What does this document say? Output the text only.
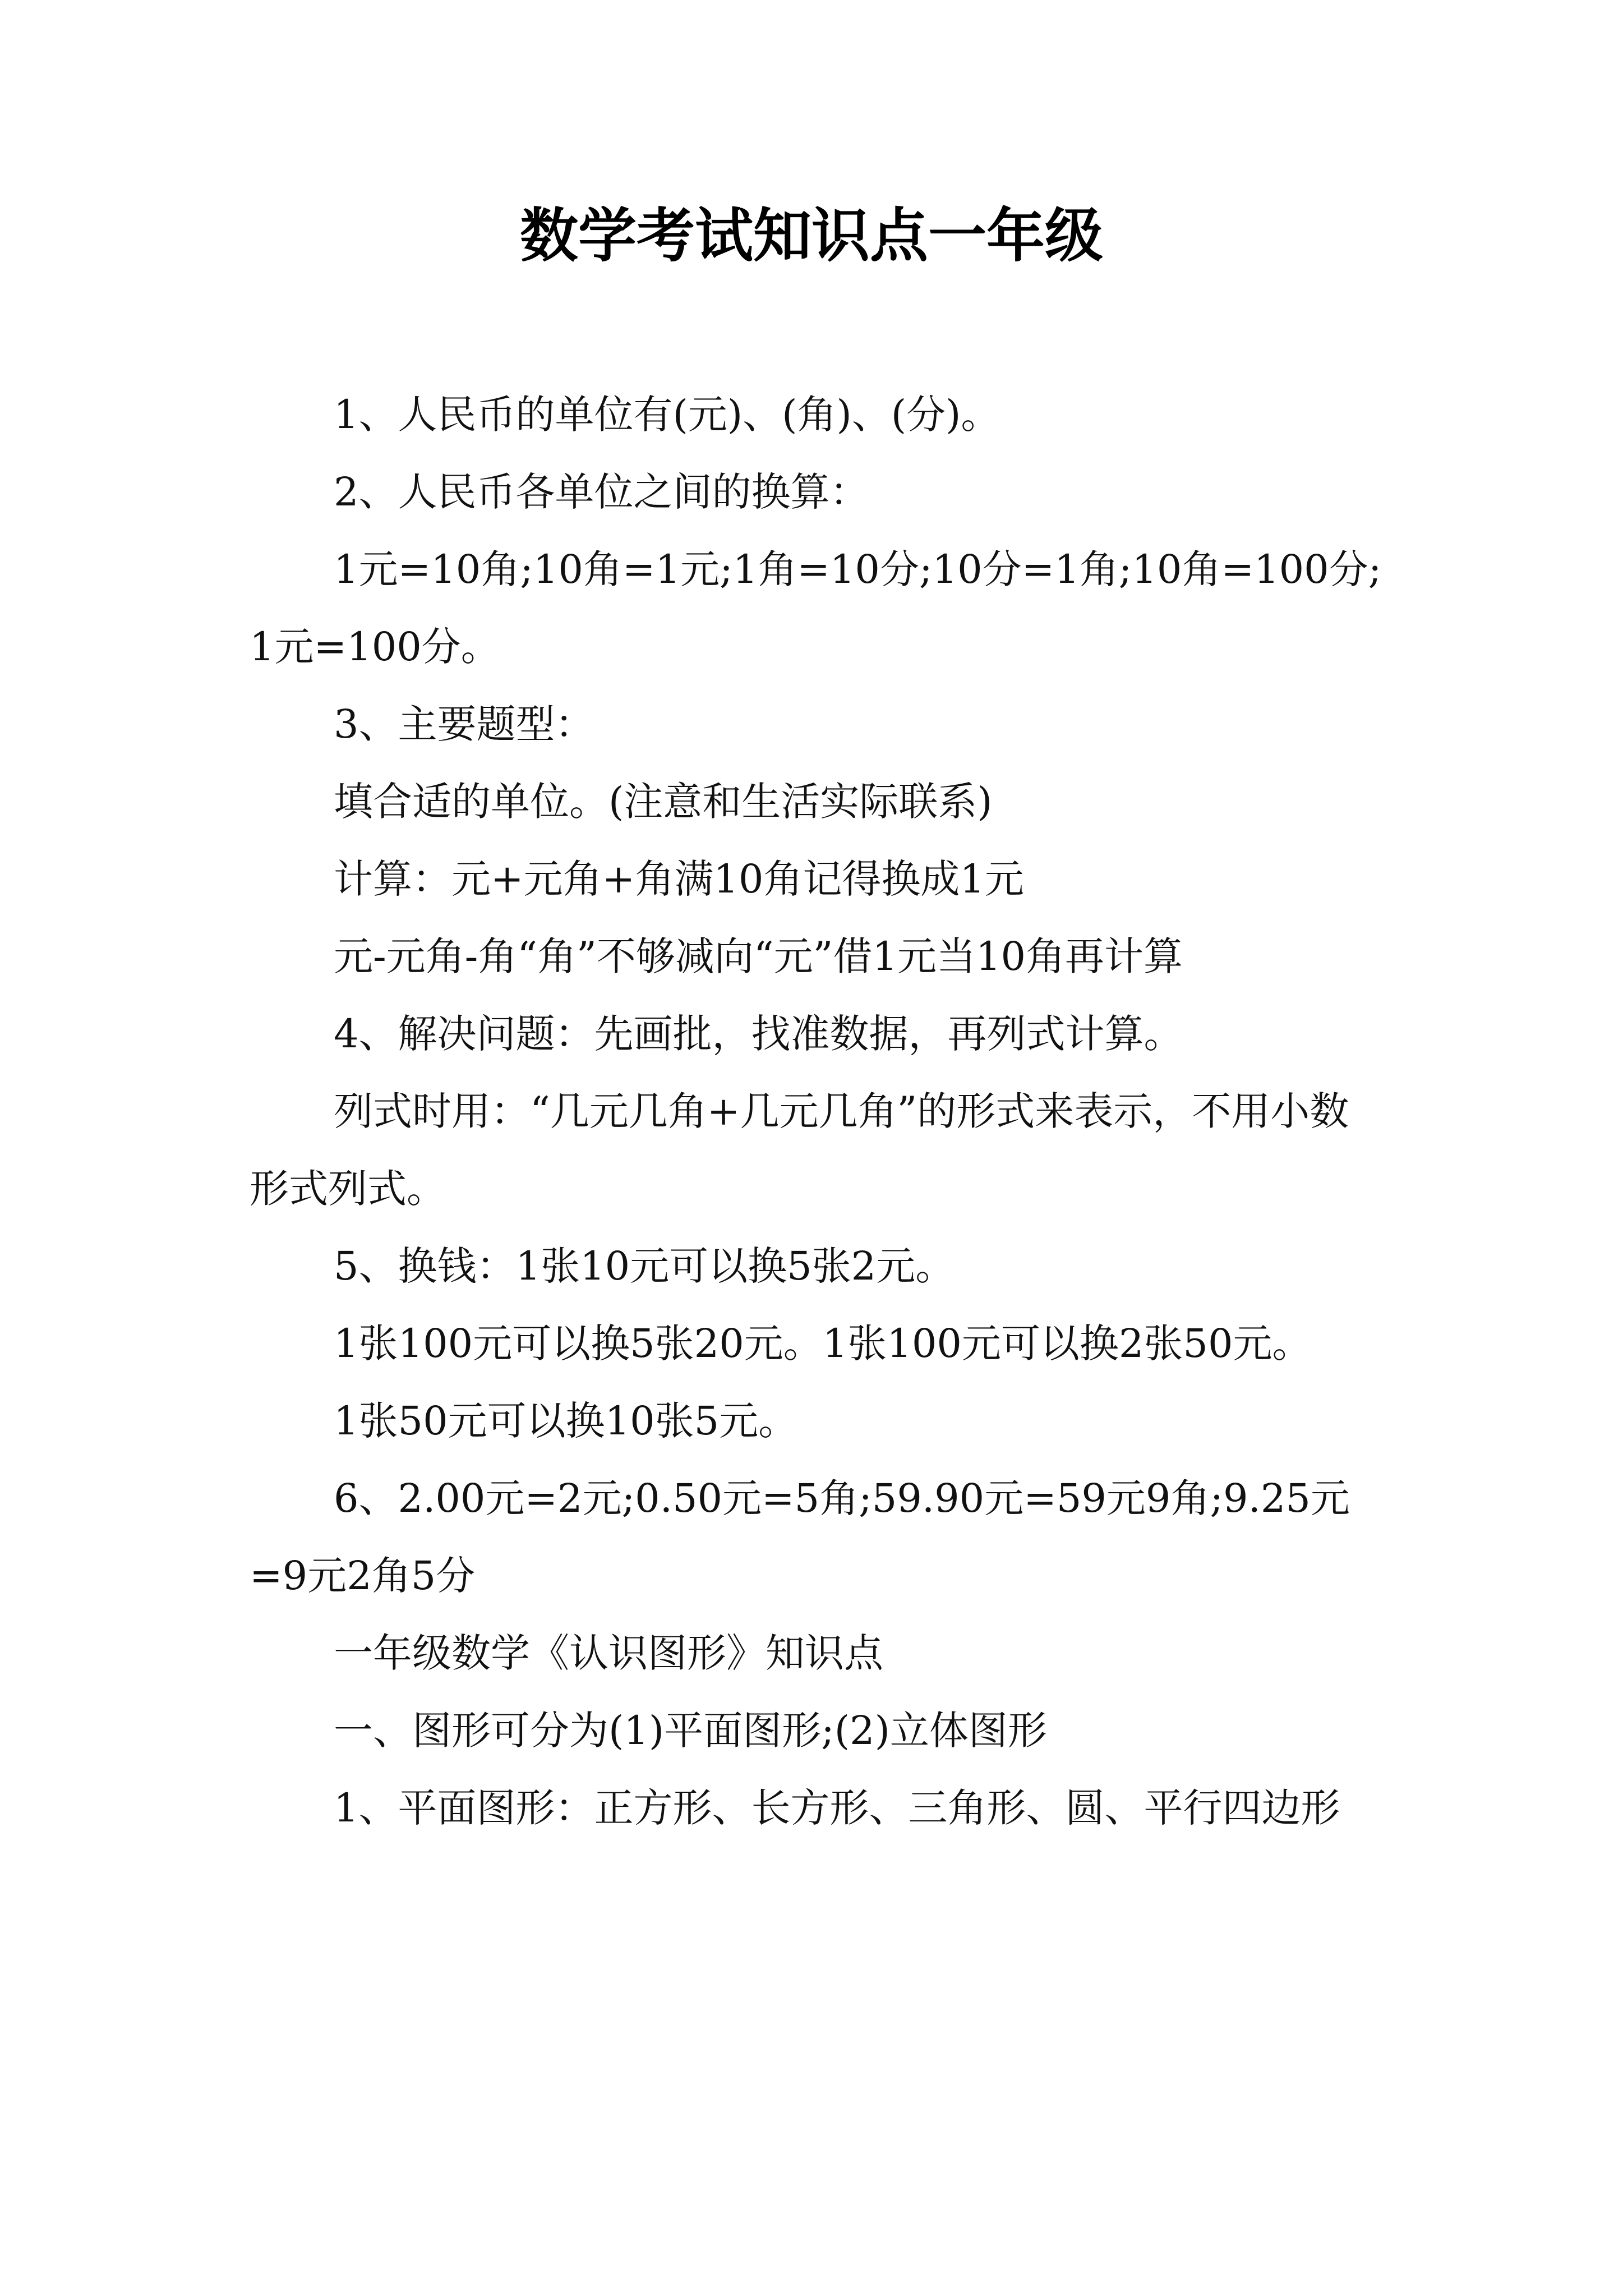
数学考试知识点一年级

1、人民币的单位有(元)、(角)、(分)。

2、人民币各单位之间的换算：

1元=10角;10角=1元;1角=10分;10分=1角;10角=100分;1元=100分。

3、主要题型：

填合适的单位。(注意和生活实际联系)

计算：元+元角+角满10角记得换成1元

元-元角-角“角”不够减向“元”借1元当10角再计算

4、解决问题：先画批，找准数据，再列式计算。

列式时用：“几元几角+几元几角”的形式来表示，不用小数形式列式。

5、换钱：1张10元可以换5张2元。

1张100元可以换5张20元。1张100元可以换2张50元。

1张50元可以换10张5元。

6、2.00元=2元;0.50元=5角;59.90元=59元9角;9.25元=9元2角5分

一年级数学《认识图形》知识点

一、图形可分为(1)平面图形;(2)立体图形

1、平面图形：正方形、长方形、三角形、圆、平行四边形
